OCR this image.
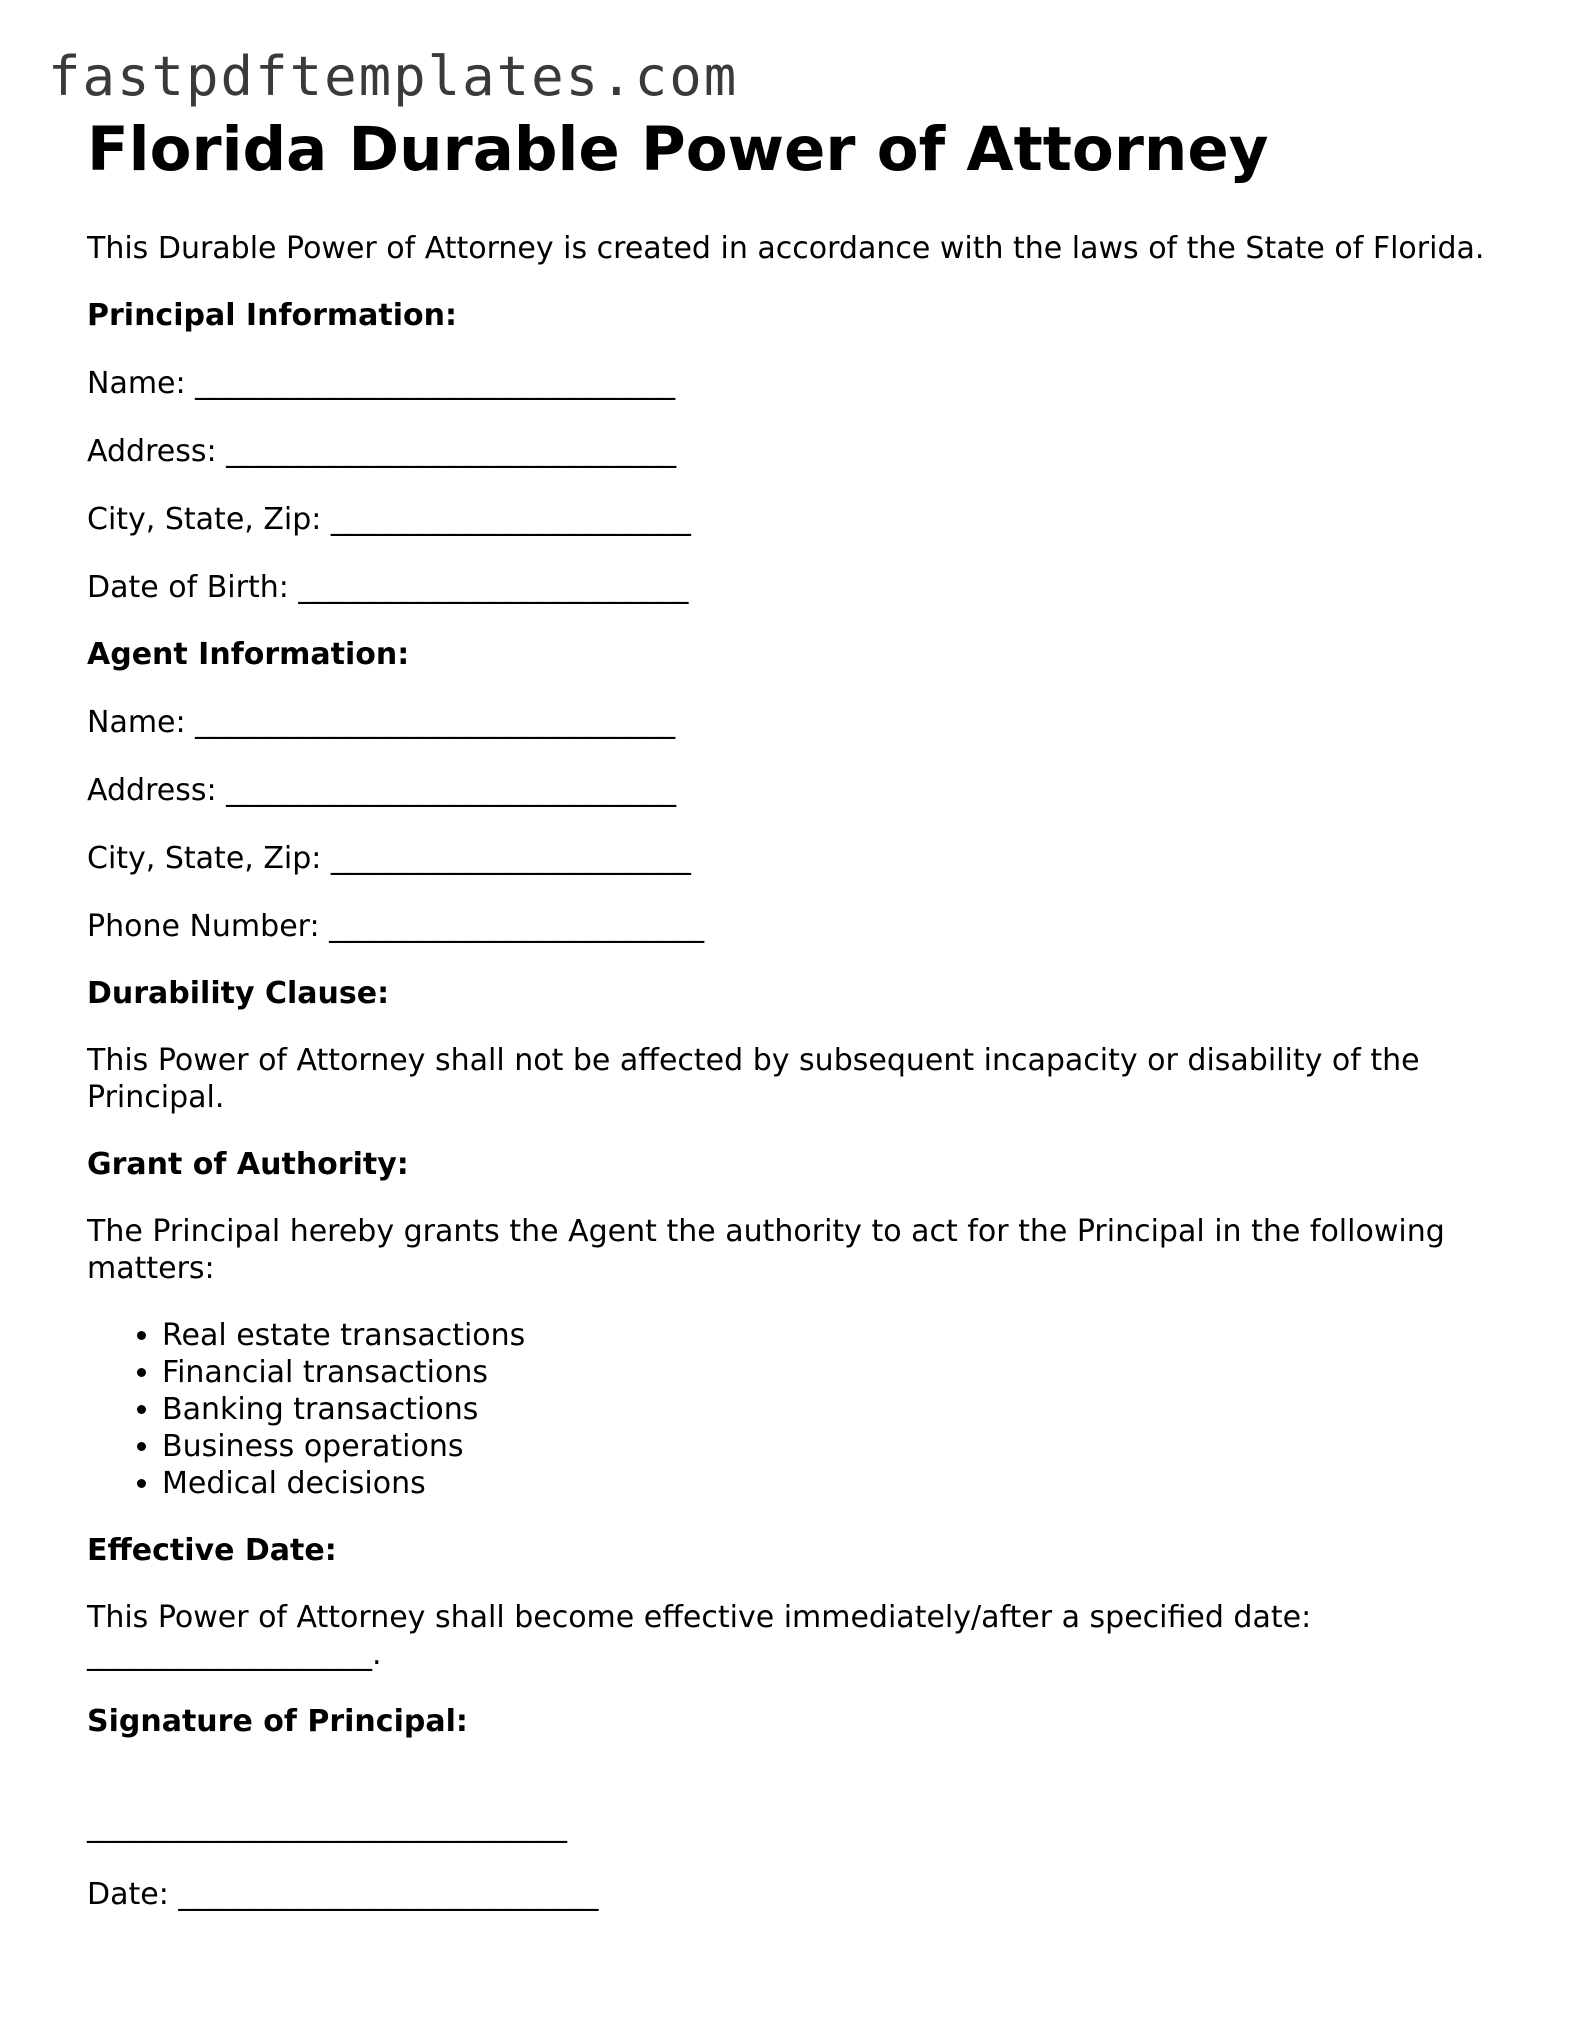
fastpdftemplates.com
Florida Durable Power of Attorney

This Durable Power of Attorney is created in accordance with the laws of the State of Florida.

Principal Information:

Name: ________________________________

Address: ______________________________

City, State, Zip: ________________________

Date of Birth: __________________________

Agent Information:

Name: ________________________________

Address: ______________________________

City, State, Zip: ________________________

Phone Number: _________________________

Durability Clause:

This Power of Attorney shall not be affected by subsequent incapacity or disability of the Principal.

Grant of Authority:

The Principal hereby grants the Agent the authority to act for the Principal in the following matters:

• Real estate transactions
• Financial transactions
• Banking transactions
• Business operations
• Medical decisions

Effective Date:

This Power of Attorney shall become effective immediately/after a specified date:
___________________.

Signature of Principal:

________________________________

Date: ____________________________
